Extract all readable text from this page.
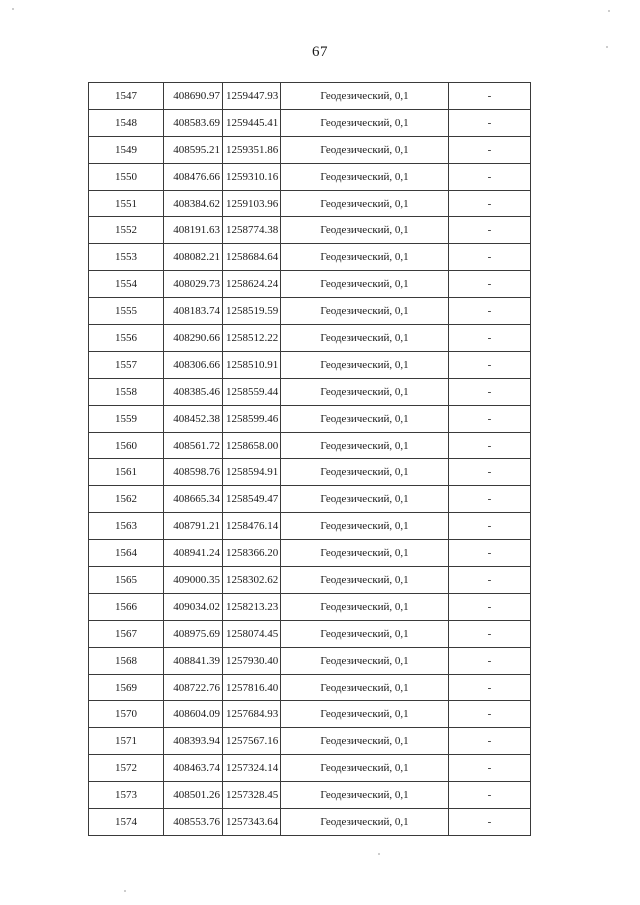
67
1547	408690.97	1259447.93	Геодезический, 0,1	-
1548	408583.69	1259445.41	Геодезический, 0,1	-
1549	408595.21	1259351.86	Геодезический, 0,1	-
1550	408476.66	1259310.16	Геодезический, 0,1	-
1551	408384.62	1259103.96	Геодезический, 0,1	-
1552	408191.63	1258774.38	Геодезический, 0,1	-
1553	408082.21	1258684.64	Геодезический, 0,1	-
1554	408029.73	1258624.24	Геодезический, 0,1	-
1555	408183.74	1258519.59	Геодезический, 0,1	-
1556	408290.66	1258512.22	Геодезический, 0,1	-
1557	408306.66	1258510.91	Геодезический, 0,1	-
1558	408385.46	1258559.44	Геодезический, 0,1	-
1559	408452.38	1258599.46	Геодезический, 0,1	-
1560	408561.72	1258658.00	Геодезический, 0,1	-
1561	408598.76	1258594.91	Геодезический, 0,1	-
1562	408665.34	1258549.47	Геодезический, 0,1	-
1563	408791.21	1258476.14	Геодезический, 0,1	-
1564	408941.24	1258366.20	Геодезический, 0,1	-
1565	409000.35	1258302.62	Геодезический, 0,1	-
1566	409034.02	1258213.23	Геодезический, 0,1	-
1567	408975.69	1258074.45	Геодезический, 0,1	-
1568	408841.39	1257930.40	Геодезический, 0,1	-
1569	408722.76	1257816.40	Геодезический, 0,1	-
1570	408604.09	1257684.93	Геодезический, 0,1	-
1571	408393.94	1257567.16	Геодезический, 0,1	-
1572	408463.74	1257324.14	Геодезический, 0,1	-
1573	408501.26	1257328.45	Геодезический, 0,1	-
1574	408553.76	1257343.64	Геодезический, 0,1	-
